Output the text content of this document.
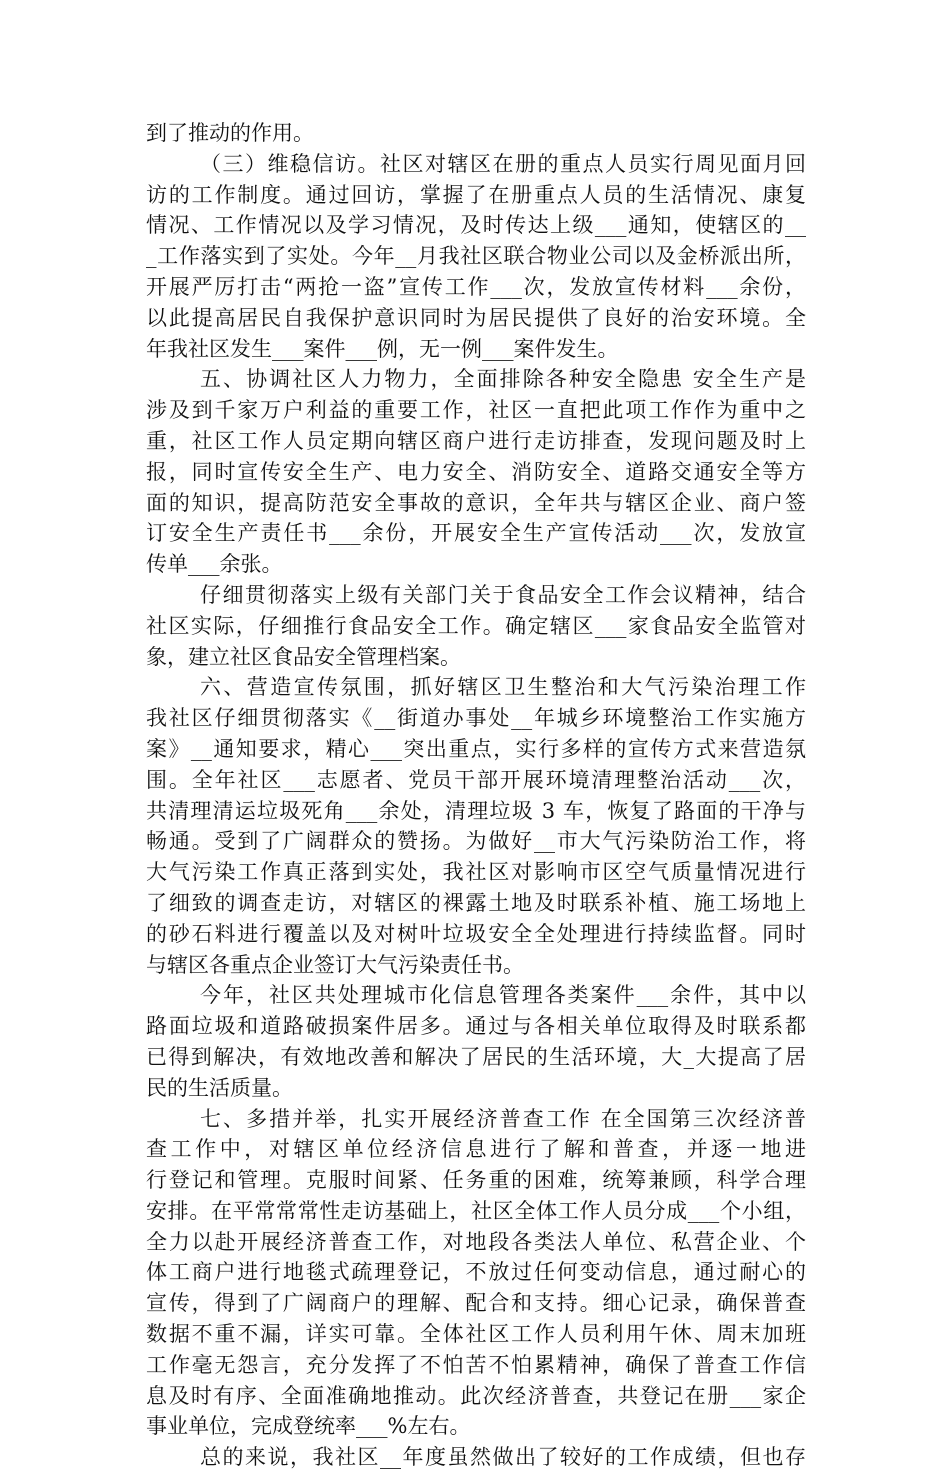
到了推动的作用。
（三）维稳信访。社区对辖区在册的重点人员实行周见面月回
访的工作制度。通过回访，掌握了在册重点人员的生活情况、康复
情况、工作情况以及学习情况，及时传达上级___通知，使辖区的__
_工作落实到了实处。今年__月我社区联合物业公司以及金桥派出所，
开展严厉打击“两抢一盗”宣传工作___次，发放宣传材料___余份，
以此提高居民自我保护意识同时为居民提供了良好的治安环境。全
年我社区发生___案件___例，无一例___案件发生。
五、协调社区人力物力，全面排除各种安全隐患 安全生产是
涉及到千家万户利益的重要工作，社区一直把此项工作作为重中之
重，社区工作人员定期向辖区商户进行走访排查，发现问题及时上
报，同时宣传安全生产、电力安全、消防安全、道路交通安全等方
面的知识，提高防范安全事故的意识，全年共与辖区企业、商户签
订安全生产责任书___余份，开展安全生产宣传活动___次，发放宣
传单___余张。
仔细贯彻落实上级有关部门关于食品安全工作会议精神，结合
社区实际，仔细推行食品安全工作。确定辖区___家食品安全监管对
象，建立社区食品安全管理档案。
六、营造宣传氛围，抓好辖区卫生整治和大气污染治理工作
我社区仔细贯彻落实《__街道办事处__年城乡环境整治工作实施方
案》__通知要求，精心___突出重点，实行多样的宣传方式来营造氛
围。全年社区___志愿者、党员干部开展环境清理整治活动___次，
共清理清运垃圾死角___余处，清理垃圾 3 车，恢复了路面的干净与
畅通。受到了广阔群众的赞扬。为做好__市大气污染防治工作，将
大气污染工作真正落到实处，我社区对影响市区空气质量情况进行
了细致的调查走访，对辖区的裸露土地及时联系补植、施工场地上
的砂石料进行覆盖以及对树叶垃圾安全全处理进行持续监督。同时
与辖区各重点企业签订大气污染责任书。
今年，社区共处理城市化信息管理各类案件___余件，其中以
路面垃圾和道路破损案件居多。通过与各相关单位取得及时联系都
已得到解决，有效地改善和解决了居民的生活环境，大_大提高了居
民的生活质量。
七、多措并举，扎实开展经济普查工作 在全国第三次经济普
查工作中，对辖区单位经济信息进行了解和普查，并逐一地进
行登记和管理。克服时间紧、任务重的困难，统筹兼顾，科学合理
安排。在平常常常性走访基础上，社区全体工作人员分成___个小组，
全力以赴开展经济普查工作，对地段各类法人单位、私营企业、个
体工商户进行地毯式疏理登记，不放过任何变动信息，通过耐心的
宣传，得到了广阔商户的理解、配合和支持。细心记录，确保普查
数据不重不漏，详实可靠。全体社区工作人员利用午休、周末加班
工作毫无怨言，充分发挥了不怕苦不怕累精神，确保了普查工作信
息及时有序、全面准确地推动。此次经济普查，共登记在册___家企
事业单位，完成登统率___%左右。
总的来说，我社区__年度虽然做出了较好的工作成绩，但也存
